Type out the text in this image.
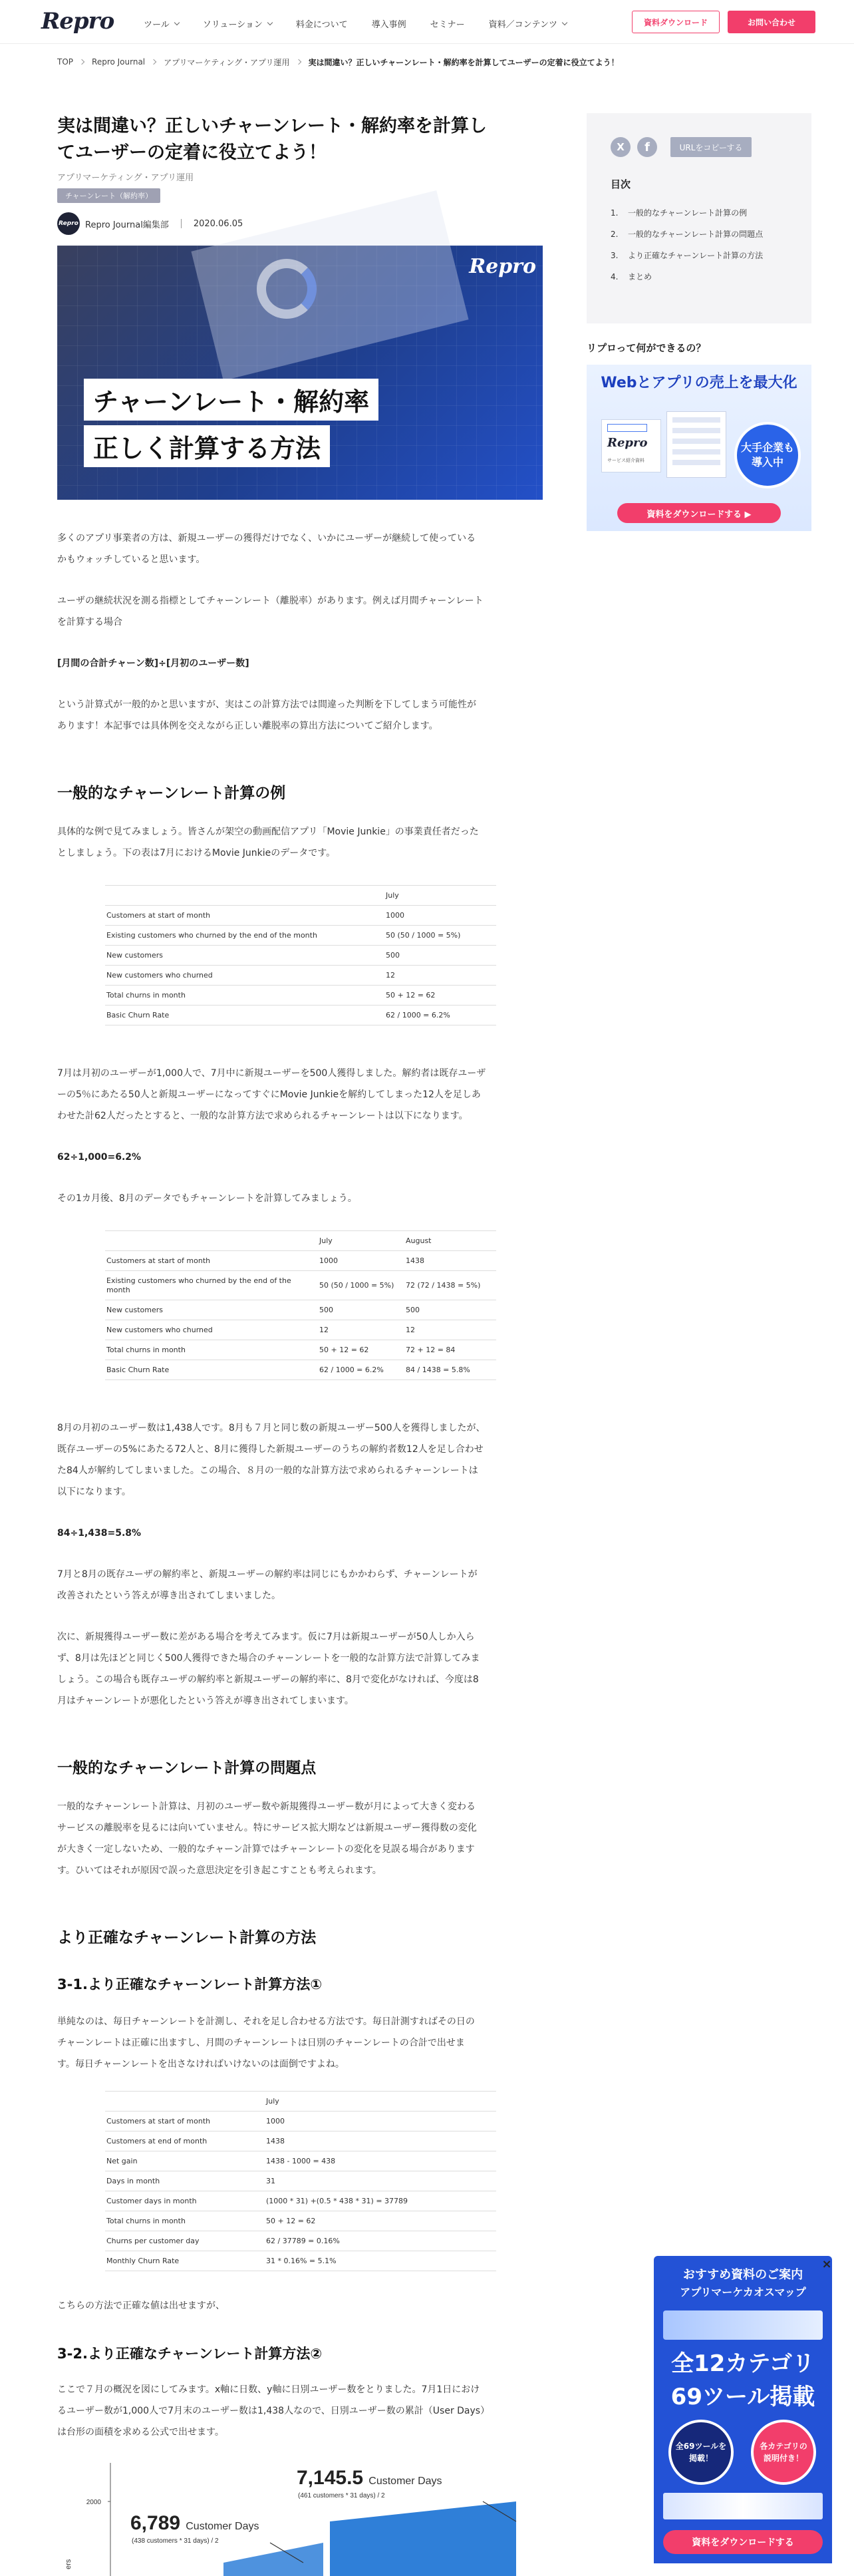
Repro	ツール	ソリューション	料金について	導入事例	セミナー	資料／コンテンツ	資料ダウンロード	お問い合わせ
TOP Repro Journal アプリマーケティング・アプリ運用 実は間違い？正しいチャーンレート・解約率を計算してユーザーの定着に役立てよう！
実は間違い？正しいチャーンレート・解約率を計算し
てユーザーの定着に役立てよう！
アプリマーケティング・アプリ運用
チャーンレート（解約率）
Repro Repro Journal編集部	2020.06.05
Repro
チャーンレート・解約率
正しく計算する方法

多くのアプリ事業者の方は、新規ユーザーの獲得だけでなく、いかにユーザーが継続して使っている
かもウォッチしていると思います。

ユーザの継続状況を測る指標としてチャーンレート（離脱率）があります。例えば月間チャーンレート
を計算する場合

[月間の合計チャーン数]÷[月初のユーザー数]

という計算式が一般的かと思いますが、実はこの計算方法では間違った判断を下してしまう可能性が
あります！本記事では具体例を交えながら正しい離脱率の算出方法についてご紹介します。

一般的なチャーンレート計算の例

具体的な例で見てみましょう。皆さんが架空の動画配信アプリ「Movie Junkie」の事業責任者だった
としましょう。下の表は7月におけるMovie Junkieのデータです。

	July
Customers at start of month	1000
Existing customers who churned by the end of the month	50 (50 / 1000 = 5%)
New customers	500
New customers who churned	12
Total churns in month	50 + 12 = 62
Basic Churn Rate	62 / 1000 = 6.2%

7月は月初のユーザーが1,000人で、7月中に新規ユーザーを500人獲得しました。解約者は既存ユーザ
ーの5％にあたる50人と新規ユーザーになってすぐにMovie Junkieを解約してしまった12人を足しあ
わせた計62人だったとすると、一般的な計算方法で求められるチャーンレートは以下になります。

62÷1,000=6.2%

その1カ月後、8月のデータでもチャーンレートを計算してみましょう。

	July	August
Customers at start of month	1000	1438
Existing customers who churned by the end of the month	50 (50 / 1000 = 5%)	72 (72 / 1438 = 5%)
New customers	500	500
New customers who churned	12	12
Total churns in month	50 + 12 = 62	72 + 12 = 84
Basic Churn Rate	62 / 1000 = 6.2%	84 / 1438 = 5.8%

8月の月初のユーザー数は1,438人です。8月も７月と同じ数の新規ユーザー500人を獲得しましたが、
既存ユーザーの5%にあたる72人と、8月に獲得した新規ユーザーのうちの解約者数12人を足し合わせ
た84人が解約してしまいました。この場合、８月の一般的な計算方法で求められるチャーンレートは
以下になります。

84÷1,438=5.8%

7月と8月の既存ユーザの解約率と、新規ユーザーの解約率は同じにもかかわらず、チャーンレートが
改善されたという答えが導き出されてしまいました。

次に、新規獲得ユーザー数に差がある場合を考えてみます。仮に7月は新規ユーザーが50人しか入ら
ず、8月は先ほどと同じく500人獲得できた場合のチャーンレートを一般的な計算方法で計算してみま
しょう。この場合も既存ユーザの解約率と新規ユーザーの解約率に、8月で変化がなければ、今度は8
月はチャーンレートが悪化したという答えが導き出されてしまいます。

一般的なチャーンレート計算の問題点

一般的なチャーンレート計算は、月初のユーザー数や新規獲得ユーザー数が月によって大きく変わる
サービスの離脱率を見るには向いていません。特にサービス拡大期などは新規ユーザー獲得数の変化
が大きく一定しないため、一般的なチャーン計算ではチャーンレートの変化を見誤る場合があります
す。ひいてはそれが原因で誤った意思決定を引き起こすことも考えられます。

より正確なチャーンレート計算の方法
3-1.より正確なチャーンレート計算方法①

単純なのは、毎日チャーンレートを計測し、それを足し合わせる方法です。毎日計測すればその日の
チャーンレートは正確に出ますし、月間のチャーンレートは日別のチャーンレートの合計で出せま
す。毎日チャーンレートを出さなければいけないのは面倒ですよね。

	July
Customers at start of month	1000
Customers at end of month	1438
Net gain	1438 - 1000 = 438
Days in month	31
Customer days in month	(1000 * 31) +(0.5 * 438 * 31) = 37789
Total churns in month	50 + 12 = 62
Churns per customer day	62 / 37789 = 0.16%
Monthly Churn Rate	31 * 0.16% = 5.1%

こちらの方法で正確な値は出せますが、

3-2.より正確なチャーンレート計算方法②

ここで７月の概況を図にしてみます。x軸に日数、y軸に日別ユーザー数をとりました。7月1日におけ
るユーザー数が1,000人で7月末のユーザー数は1,438人なので、日別ユーザー数の累計（User Days）
は台形の面積を求める公式で出せます。

ers
2000
7,145.5 Customer Days
(461 customers * 31 days) / 2
6,789 Customer Days
(438 customers * 31 days) / 2
X	f	URLをコピーする
目次
1.	一般的なチャーンレート計算の例
2.	一般的なチャーンレート計算の問題点
3.	より正確なチャーンレート計算の方法
4.	まとめ
リプロって何ができるの？
Webとアプリの売上を最大化
Repro
サービス紹介資料
大手企業も
導入中
資料をダウンロードする ▶
おすすめ資料のご案内
アプリマーケカオスマップ
全12カテゴリ
69ツール掲載
全69ツールを
掲載！
各カテゴリの
説明付き！
資料をダウンロードする
×
